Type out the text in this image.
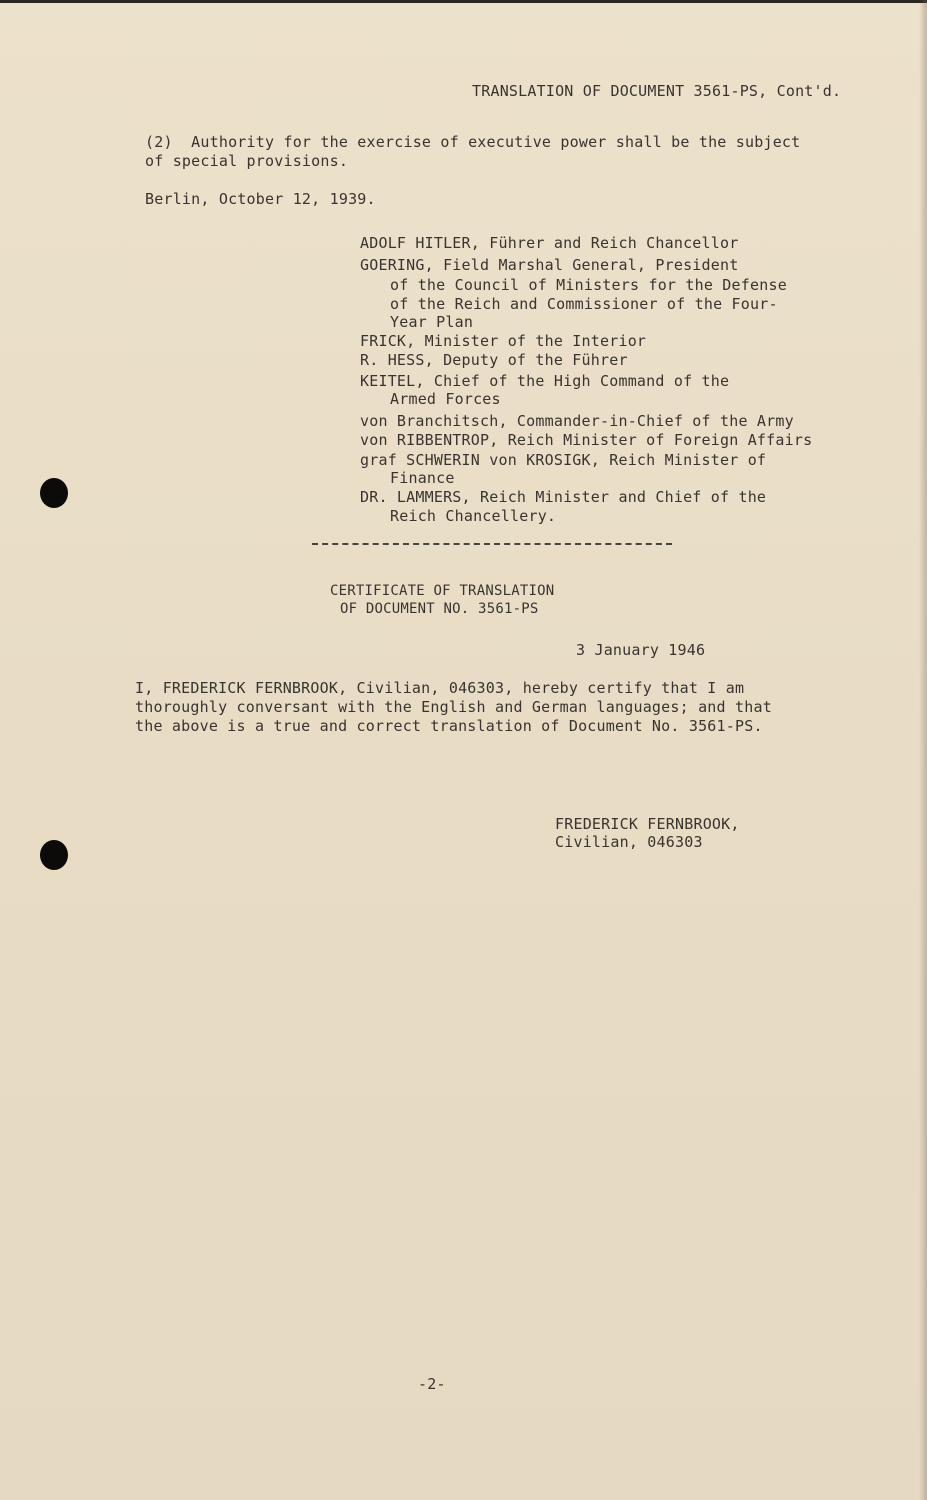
TRANSLATION OF DOCUMENT 3561-PS, Cont'd.
(2)  Authority for the exercise of executive power shall be the subject
of special provisions.
Berlin, October 12, 1939.
ADOLF HITLER, Führer and Reich Chancellor
GOERING, Field Marshal General, President
of the Council of Ministers for the Defense
of the Reich and Commissioner of the Four-
Year Plan
FRICK, Minister of the Interior
R. HESS, Deputy of the Führer
KEITEL, Chief of the High Command of the
Armed Forces
von Branchitsch, Commander-in-Chief of the Army
von RIBBENTROP, Reich Minister of Foreign Affairs
graf SCHWERIN von KROSIGK, Reich Minister of
Finance
DR. LAMMERS, Reich Minister and Chief of the
Reich Chancellery.
CERTIFICATE OF TRANSLATION
OF DOCUMENT NO. 3561-PS
3 January 1946
I, FREDERICK FERNBROOK, Civilian, 046303, hereby certify that I am
thoroughly conversant with the English and German languages; and that
the above is a true and correct translation of Document No. 3561-PS.
FREDERICK FERNBROOK,
Civilian, 046303
-2-
